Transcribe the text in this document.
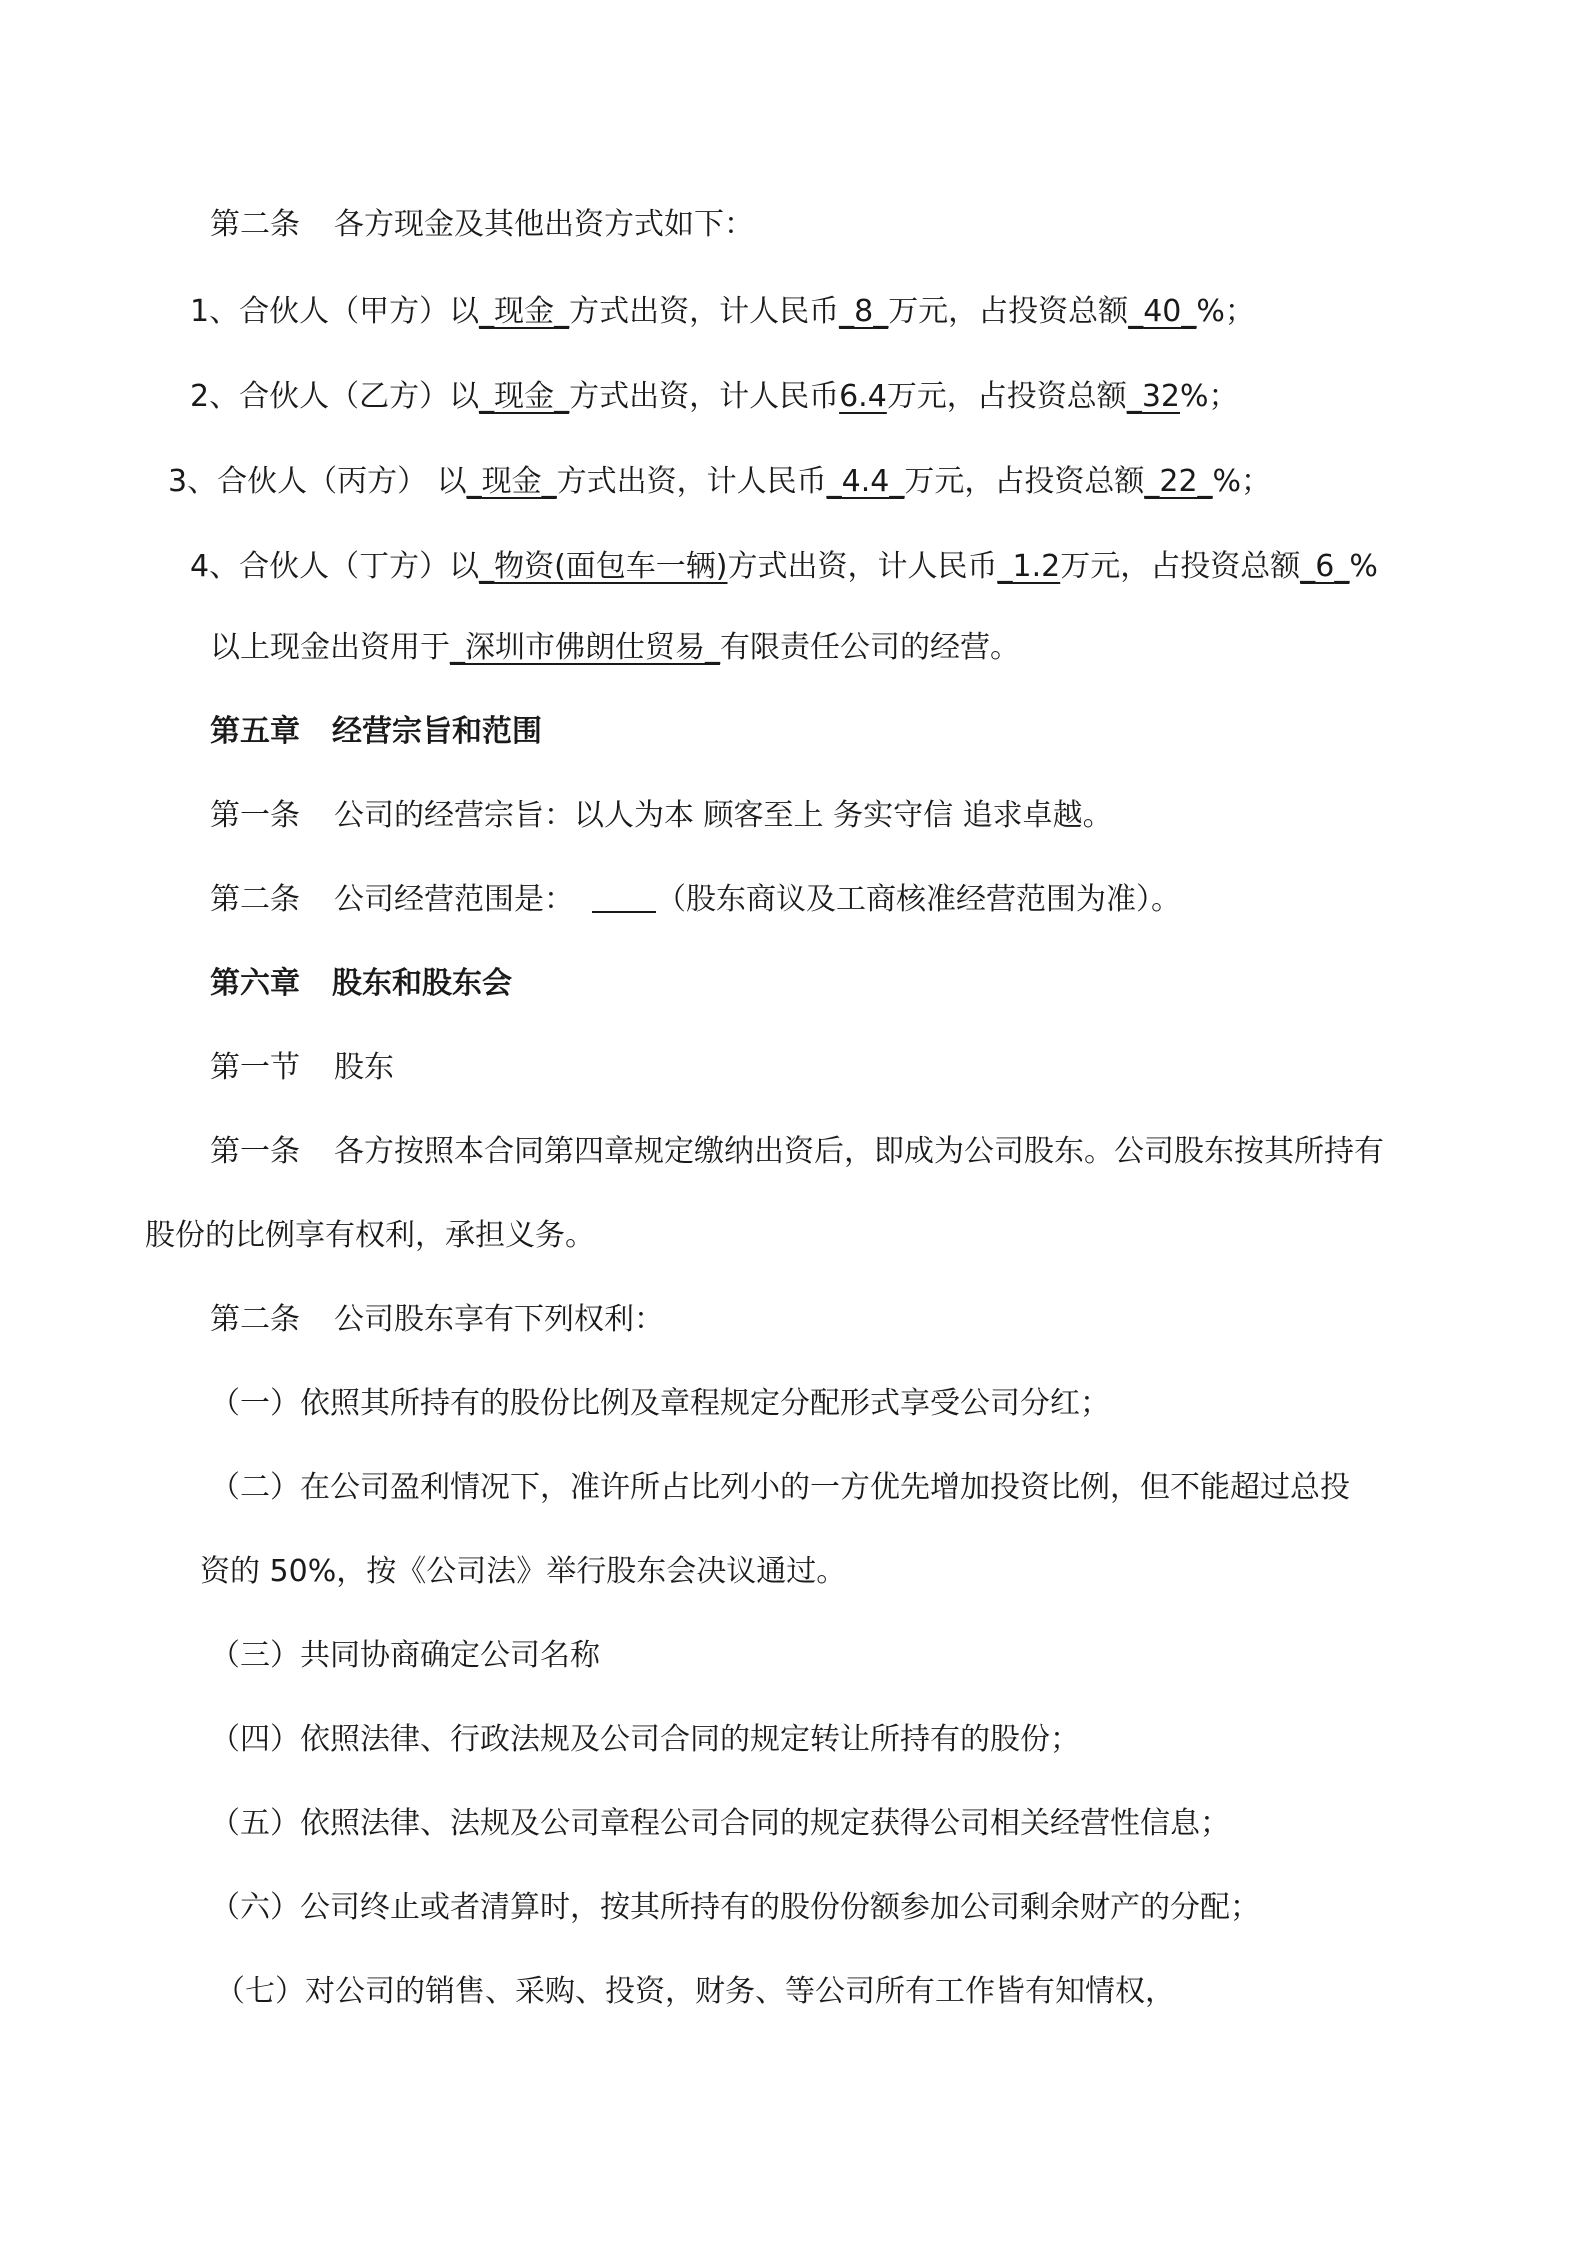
第二条 各方现金及其他出资方式如下：

1、合伙人（甲方）以_现金_方式出资，计人民币_8_万元，占投资总额_40_%；

2、合伙人（乙方）以_现金_方式出资，计人民币6.4万元，占投资总额_32%；

3、合伙人（丙方） 以_现金_方式出资，计人民币_4.4_万元，占投资总额_22_%；

4、合伙人（丁方）以_物资(面包车一辆)方式出资，计人民币_1.2万元，占投资总额_6_%

以上现金出资用于_深圳市佛朗仕贸易_有限责任公司的经营。

第五章 经营宗旨和范围

第一条 公司的经营宗旨：以人为本 顾客至上 务实守信 追求卓越。

第二条 公司经营范围是：	（股东商议及工商核准经营范围为准）。

第六章 股东和股东会

第一节 股东

第一条 各方按照本合同第四章规定缴纳出资后，即成为公司股东。公司股东按其所持有

股份的比例享有权利，承担义务。

第二条 公司股东享有下列权利：

（一）依照其所持有的股份比例及章程规定分配形式享受公司分红；

（二）在公司盈利情况下，准许所占比列小的一方优先增加投资比例，但不能超过总投

资的 50%，按《公司法》举行股东会决议通过。

（三）共同协商确定公司名称

（四）依照法律、行政法规及公司合同的规定转让所持有的股份；

（五）依照法律、法规及公司章程公司合同的规定获得公司相关经营性信息；

（六）公司终止或者清算时，按其所持有的股份份额参加公司剩余财产的分配；

（七）对公司的销售、采购、投资，财务、等公司所有工作皆有知情权，
